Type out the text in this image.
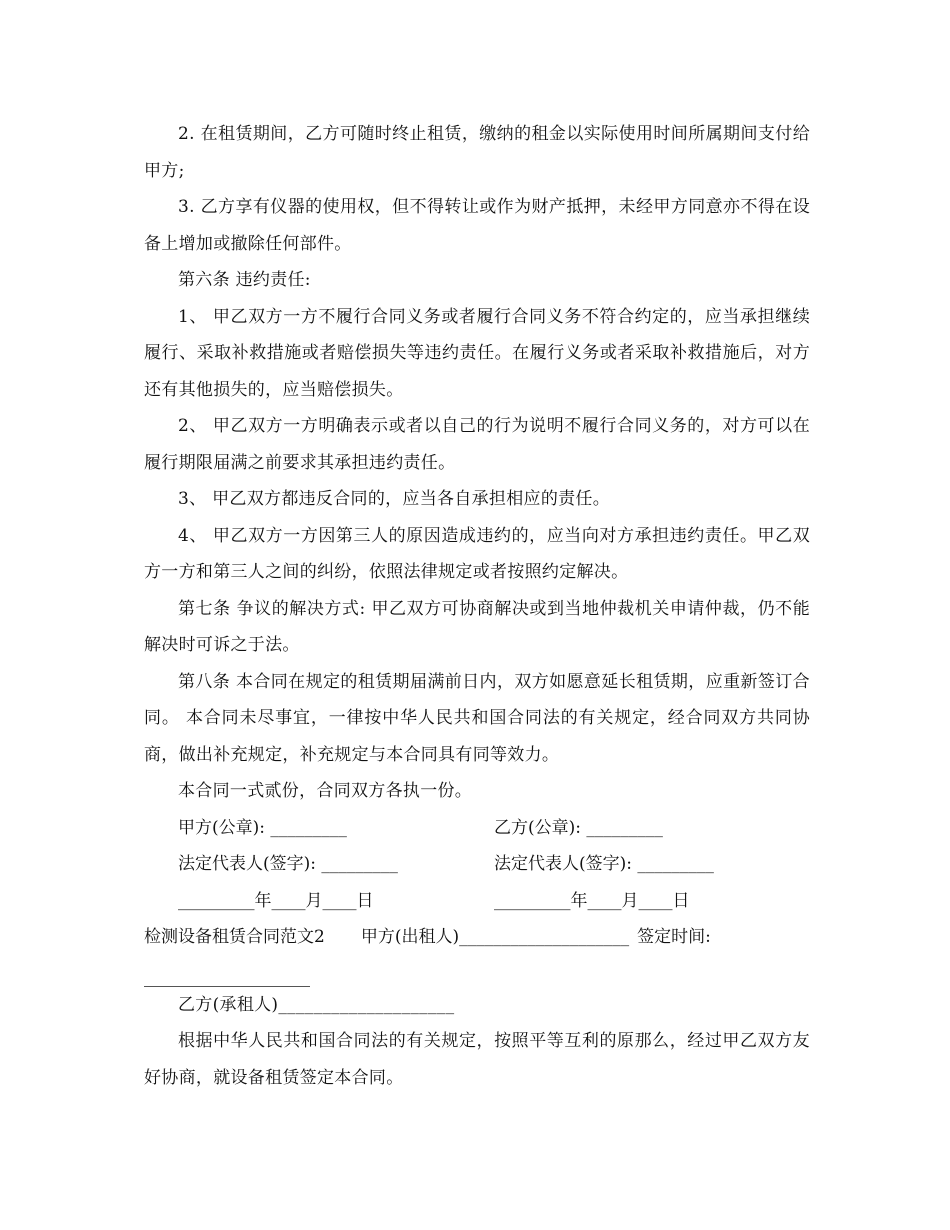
2. 在租赁期间，乙方可随时终止租赁，缴纳的租金以实际使用时间所属期间支付给甲方;

3. 乙方享有仪器的使用权，但不得转让或作为财产抵押，未经甲方同意亦不得在设备上增加或撤除任何部件。

第六条 违约责任:

1、 甲乙双方一方不履行合同义务或者履行合同义务不符合约定的，应当承担继续履行、采取补救措施或者赔偿损失等违约责任。在履行义务或者采取补救措施后，对方还有其他损失的，应当赔偿损失。

2、 甲乙双方一方明确表示或者以自己的行为说明不履行合同义务的，对方可以在履行期限届满之前要求其承担违约责任。

3、 甲乙双方都违反合同的，应当各自承担相应的责任。

4、 甲乙双方一方因第三人的原因造成违约的，应当向对方承担违约责任。甲乙双方一方和第三人之间的纠纷，依照法律规定或者按照约定解决。

第七条 争议的解决方式: 甲乙双方可协商解决或到当地仲裁机关申请仲裁，仍不能解决时可诉之于法。

第八条 本合同在规定的租赁期届满前日内，双方如愿意延长租赁期，应重新签订合同。 本合同未尽事宜，一律按中华人民共和国合同法的有关规定，经合同双方共同协商，做出补充规定，补充规定与本合同具有同等效力。

本合同一式贰份，合同双方各执一份。

甲方(公章): _________	乙方(公章): _________
法定代表人(签字): _________	法定代表人(签字): _________
_________年____月____日	_________年____月____日
检测设备租赁合同范文2 甲方(出租人)____________________ 签定时间:

乙方(承租人)____________________

根据中华人民共和国合同法的有关规定，按照平等互利的原那么，经过甲乙双方友好协商，就设备租赁签定本合同。
